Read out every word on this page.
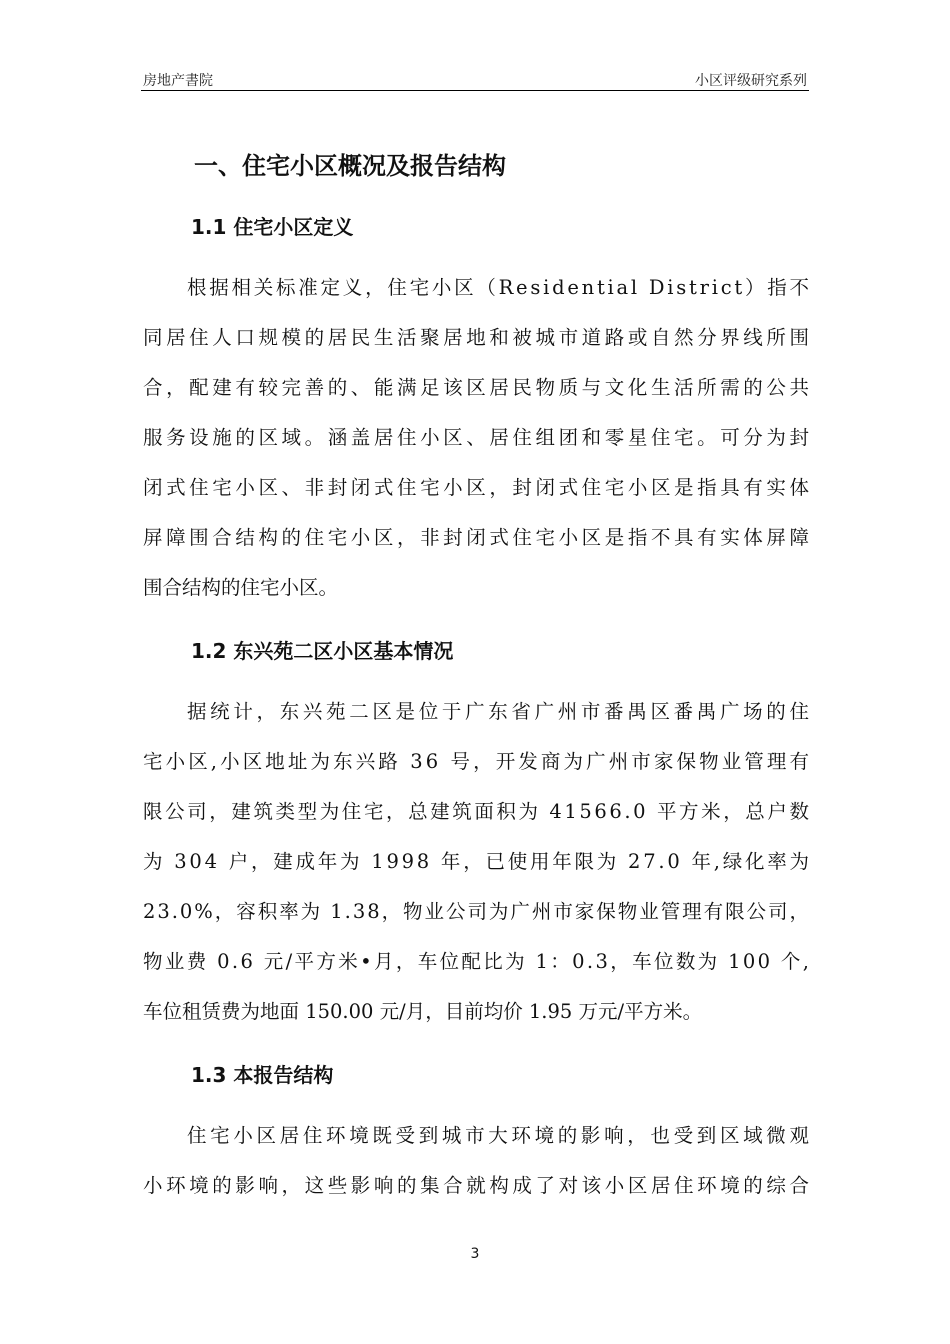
房地产書院	小区评级研究系列
一、住宅小区概况及报告结构
1.1 住宅小区定义
根据相关标准定义，住宅小区（Residential District）指不
同居住人口规模的居民生活聚居地和被城市道路或自然分界线所围
合，配建有较完善的、能满足该区居民物质与文化生活所需的公共
服务设施的区域。涵盖居住小区、居住组团和零星住宅。可分为封
闭式住宅小区、非封闭式住宅小区，封闭式住宅小区是指具有实体
屏障围合结构的住宅小区，非封闭式住宅小区是指不具有实体屏障
围合结构的住宅小区。
1.2 东兴苑二区小区基本情况
据统计，东兴苑二区是位于广东省广州市番禺区番禺广场的住
宅小区,小区地址为东兴路 36 号，开发商为广州市家保物业管理有
限公司，建筑类型为住宅，总建筑面积为 41566.0 平方米，总户数
为 304 户，建成年为 1998 年，已使用年限为 27.0 年,绿化率为
23.0%，容积率为 1.38，物业公司为广州市家保物业管理有限公司，
物业费 0.6 元/平方米•月，车位配比为 1：0.3，车位数为 100 个,
车位租赁费为地面 150.00 元/月，目前均价 1.95 万元/平方米。
1.3 本报告结构
住宅小区居住环境既受到城市大环境的影响，也受到区域微观
小环境的影响，这些影响的集合就构成了对该小区居住环境的综合
3
